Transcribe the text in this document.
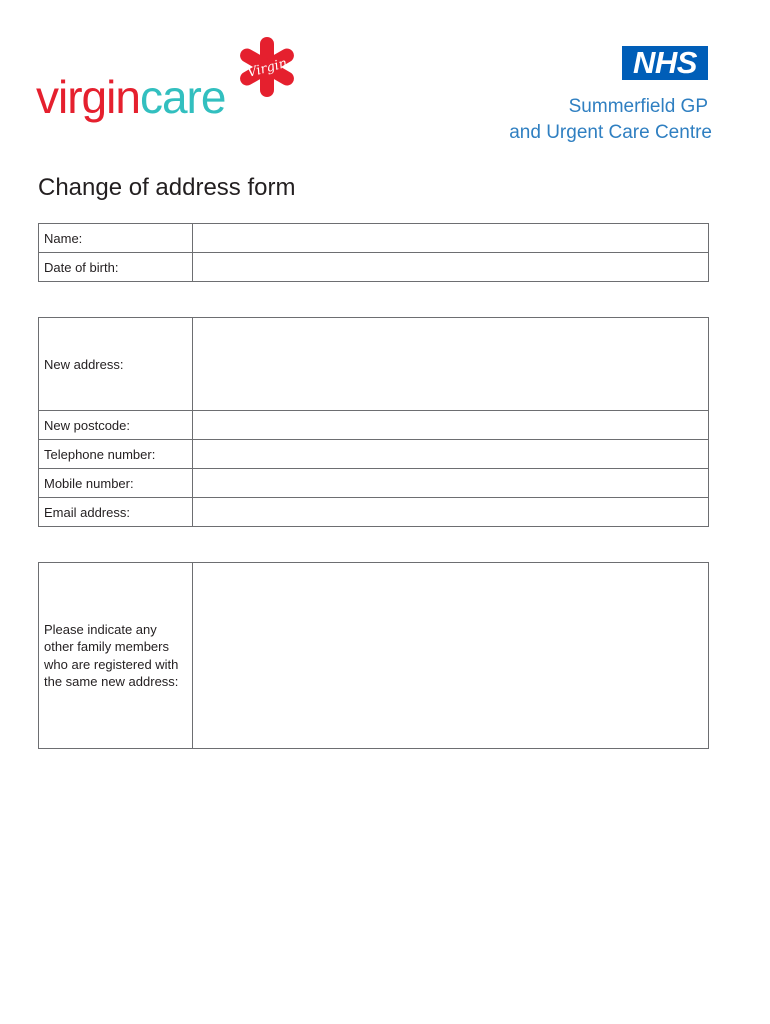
Virgin
virgincare
NHS
Summerfield GP
and Urgent Care Centre
Change of address form
Name:	
Date of birth:	
New address:	
New postcode:	
Telephone number:	
Mobile number:	
Email address:	
Please indicate any other family members who are registered with the same new address:	
